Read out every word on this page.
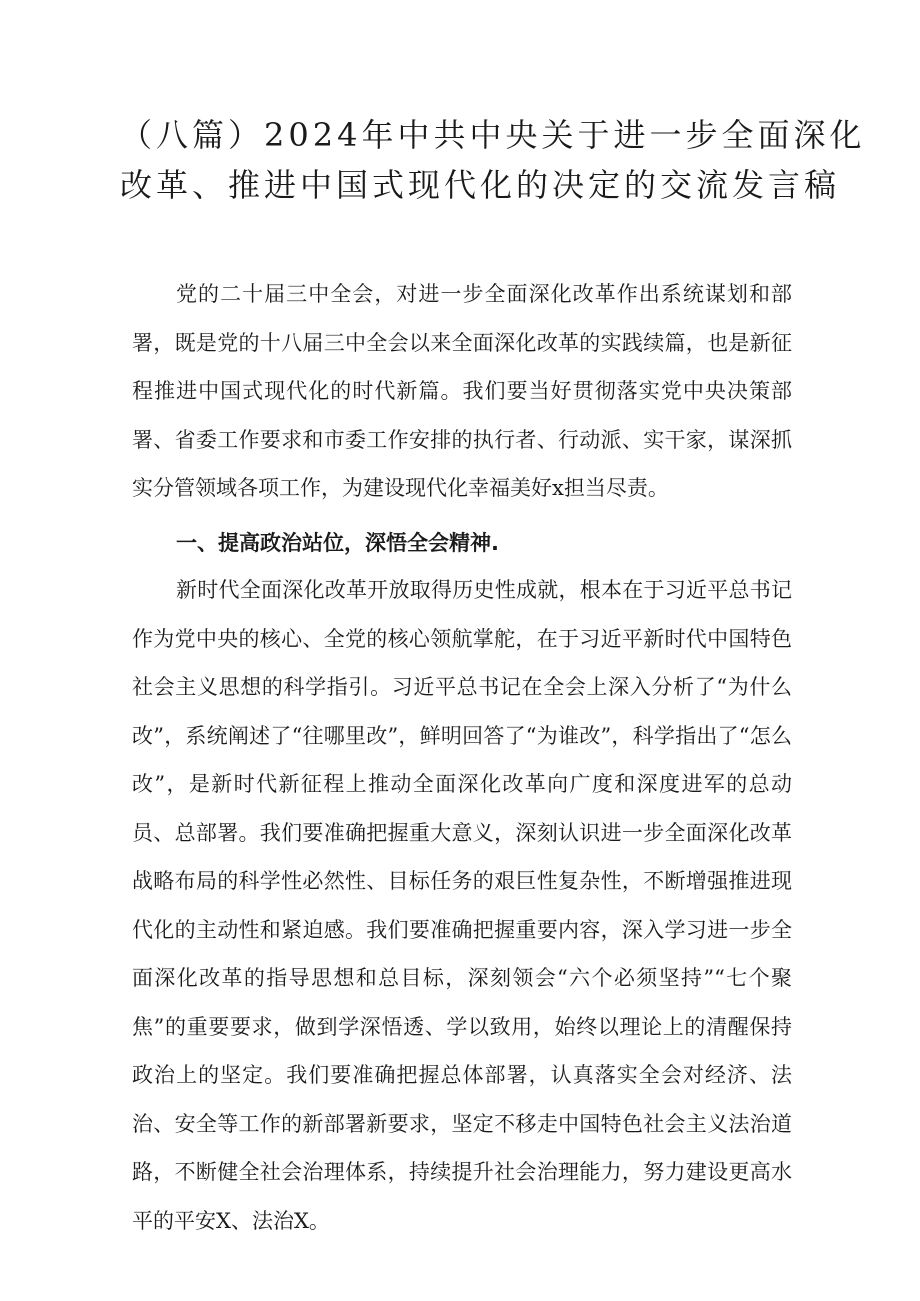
（八篇）2024年中共中央关于进一步全面深化
改革、推进中国式现代化的决定的交流发言稿

党的二十届三中全会，对进一步全面深化改革作出系统谋划和部署，既是党的十八届三中全会以来全面深化改革的实践续篇，也是新征程推进中国式现代化的时代新篇。我们要当好贯彻落实党中央决策部署、省委工作要求和市委工作安排的执行者、行动派、实干家，谋深抓实分管领域各项工作，为建设现代化幸福美好x担当尽责。

一、提高政治站位，深悟全会精神.

新时代全面深化改革开放取得历史性成就，根本在于习近平总书记作为党中央的核心、全党的核心领航掌舵，在于习近平新时代中国特色社会主义思想的科学指引。习近平总书记在全会上深入分析了“为什么改”，系统阐述了“往哪里改”，鲜明回答了“为谁改”，科学指出了“怎么改”，是新时代新征程上推动全面深化改革向广度和深度进军的总动员、总部署。我们要准确把握重大意义，深刻认识进一步全面深化改革战略布局的科学性必然性、目标任务的艰巨性复杂性，不断增强推进现代化的主动性和紧迫感。我们要准确把握重要内容，深入学习进一步全面深化改革的指导思想和总目标，深刻领会“六个必须坚持”“七个聚焦”的重要要求，做到学深悟透、学以致用，始终以理论上的清醒保持政治上的坚定。我们要准确把握总体部署，认真落实全会对经济、法治、安全等工作的新部署新要求，坚定不移走中国特色社会主义法治道路，不断健全社会治理体系，持续提升社会治理能力，努力建设更高水平的平安X、法治X。
